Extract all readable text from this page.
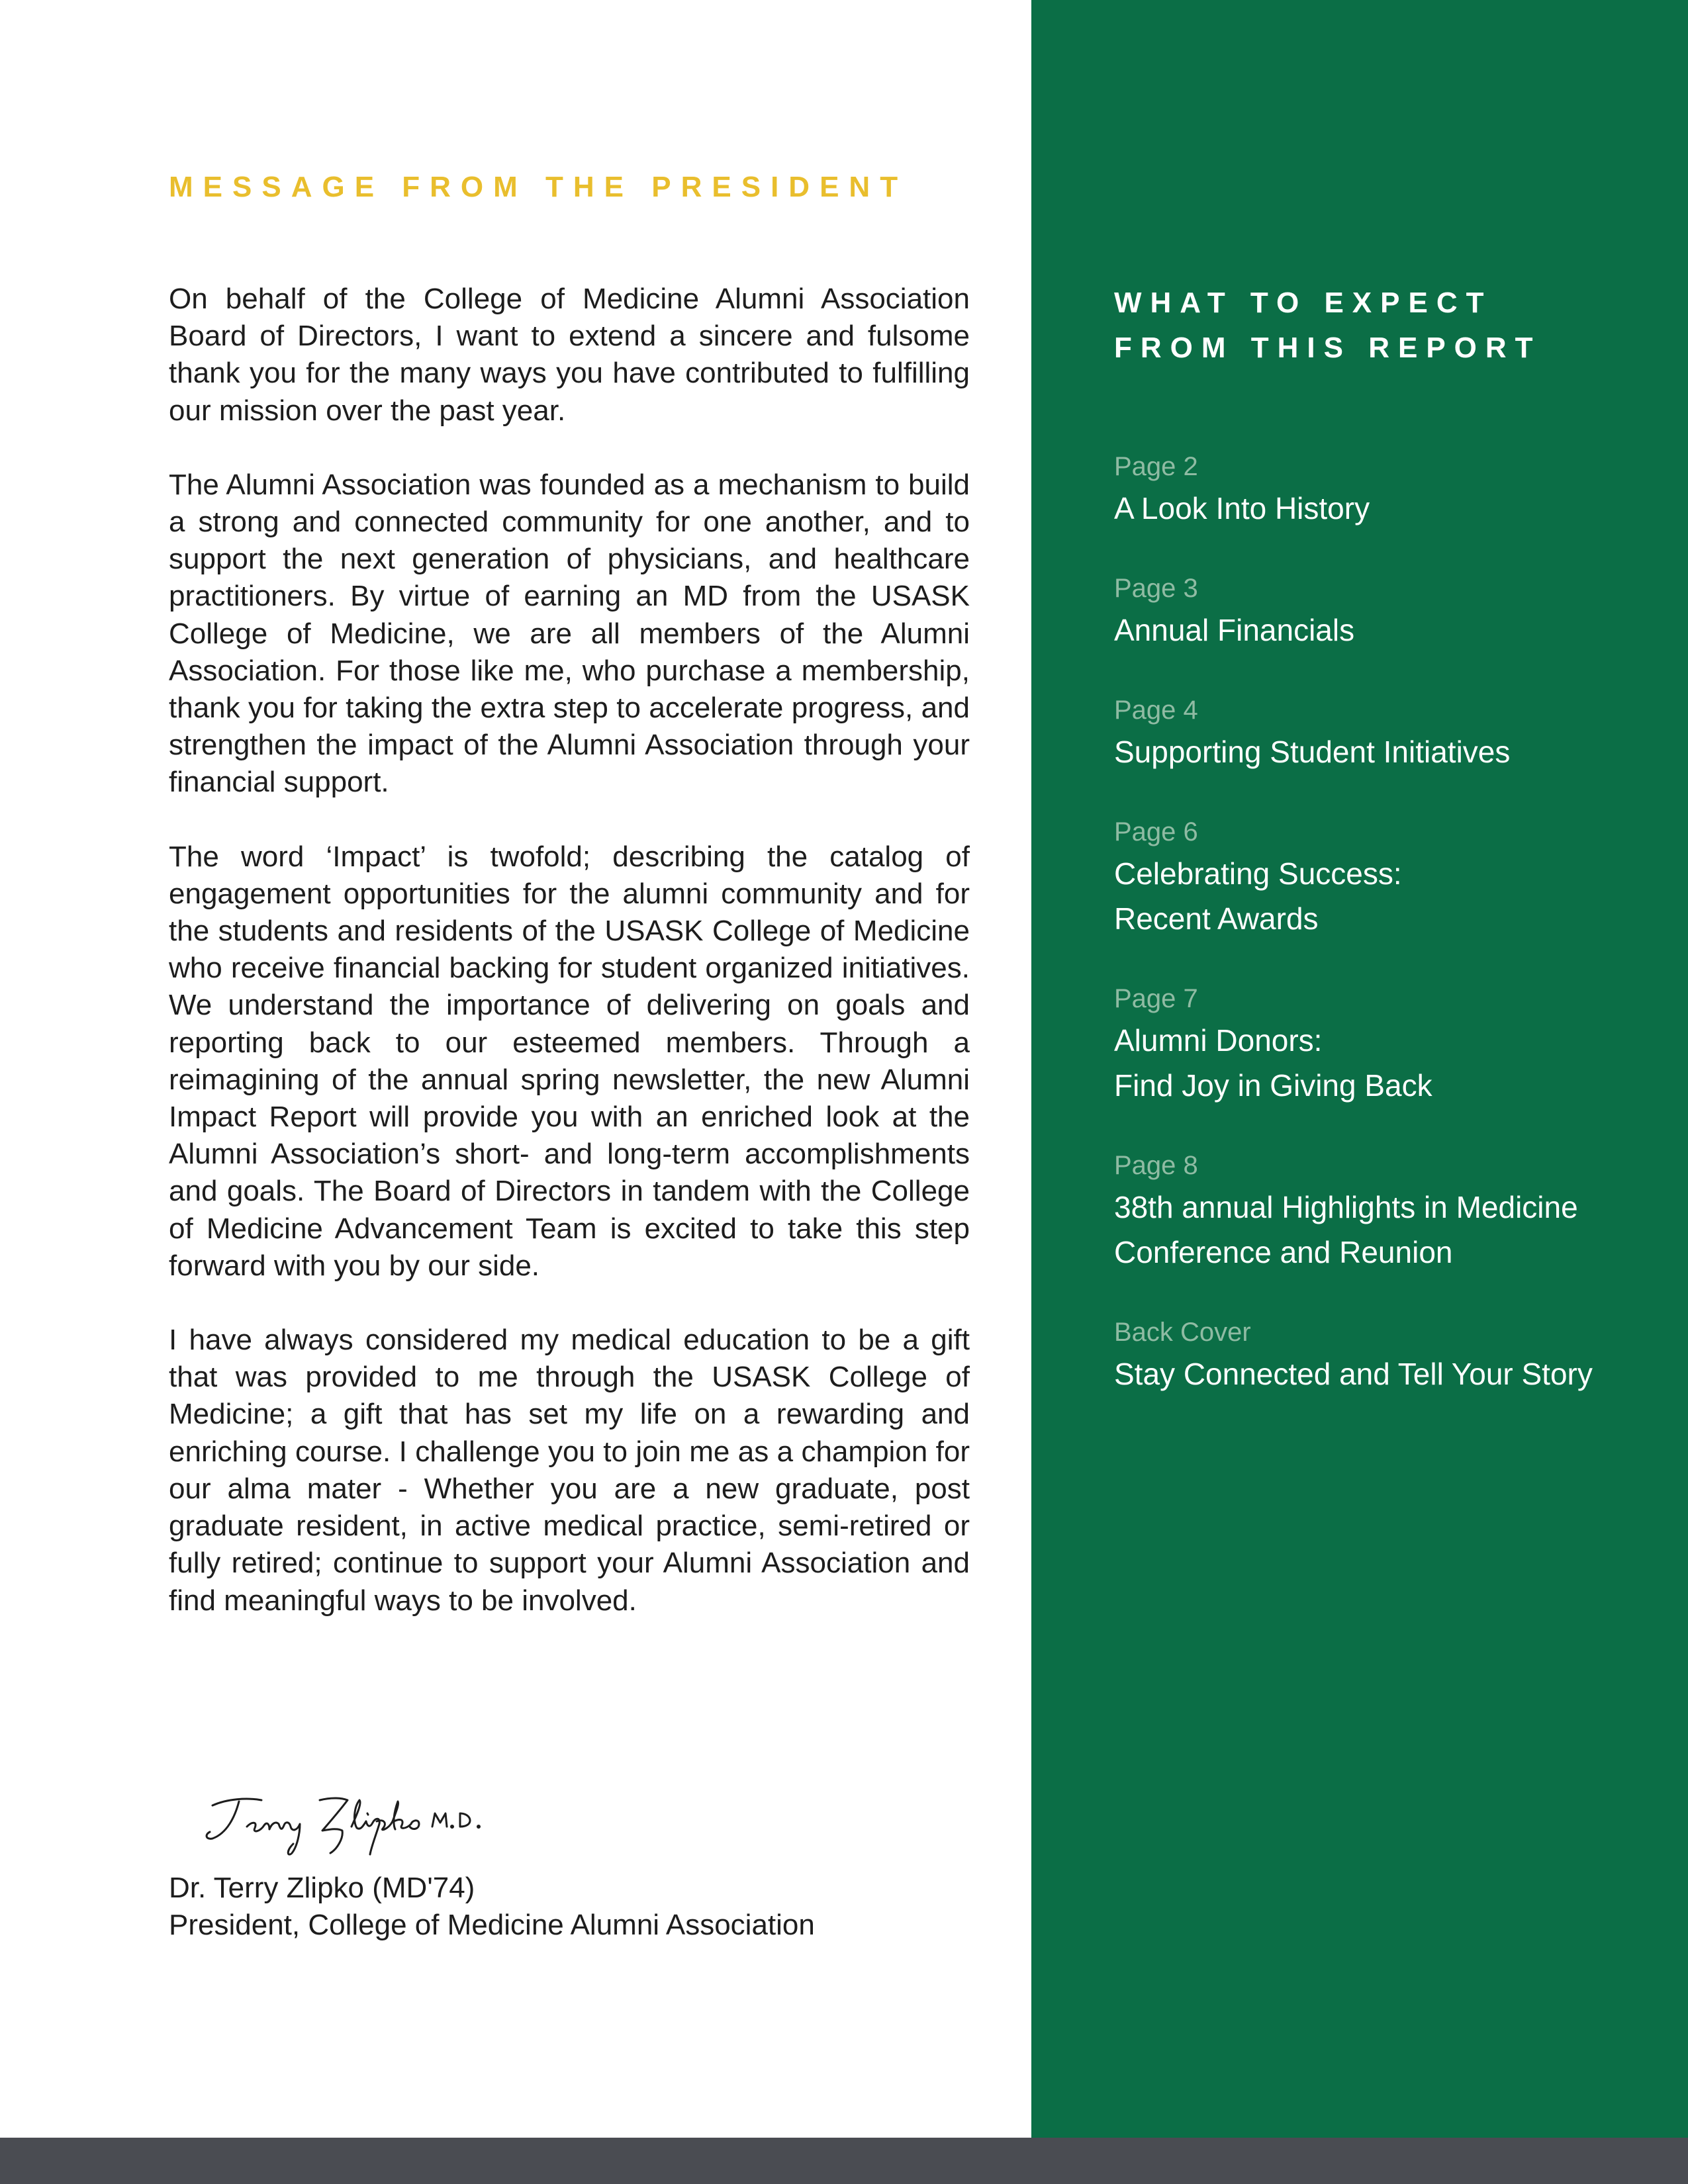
MESSAGE FROM THE PRESIDENT

On behalf of the College of Medicine Alumni Association Board of Directors, I want to extend a sincere and fulsome thank you for the many ways you have contributed to fulfilling our mission over the past year.

The Alumni Association was founded as a mechanism to build a strong and connected community for one another, and to support the next generation of physicians, and healthcare practitioners. By virtue of earning an MD from the USASK College of Medicine, we are all members of the Alumni Association. For those like me, who purchase a membership, thank you for taking the extra step to accelerate progress, and strengthen the impact of the Alumni Association through your financial support.

The word ‘Impact’ is twofold; describing the catalog of engagement opportunities for the alumni community and for the students and residents of the USASK College of Medicine who receive financial backing for student organized initiatives. We understand the importance of delivering on goals and reporting back to our esteemed members. Through a reimagining of the annual spring newsletter, the new Alumni Impact Report will provide you with an enriched look at the Alumni Association’s short- and long-term accomplishments and goals. The Board of Directors in tandem with the College of Medicine Advancement Team is excited to take this step forward with you by our side.

I have always considered my medical education to be a gift that was provided to me through the USASK College of Medicine; a gift that has set my life on a rewarding and enriching course. I challenge you to join me as a champion for our alma mater - Whether you are a new graduate, post graduate resident, in active medical practice, semi-retired or fully retired; continue to support your Alumni Association and find meaningful ways to be involved.

Dr. Terry Zlipko (MD'74)
President, College of Medicine Alumni Association
WHAT TO EXPECT
FROM THIS REPORT
Page 2
A Look Into History
Page 3
Annual Financials
Page 4
Supporting Student Initiatives
Page 6
Celebrating Success:
Recent Awards
Page 7
Alumni Donors:
Find Joy in Giving Back
Page 8
38th annual Highlights in Medicine
Conference and Reunion
Back Cover
Stay Connected and Tell Your Story
